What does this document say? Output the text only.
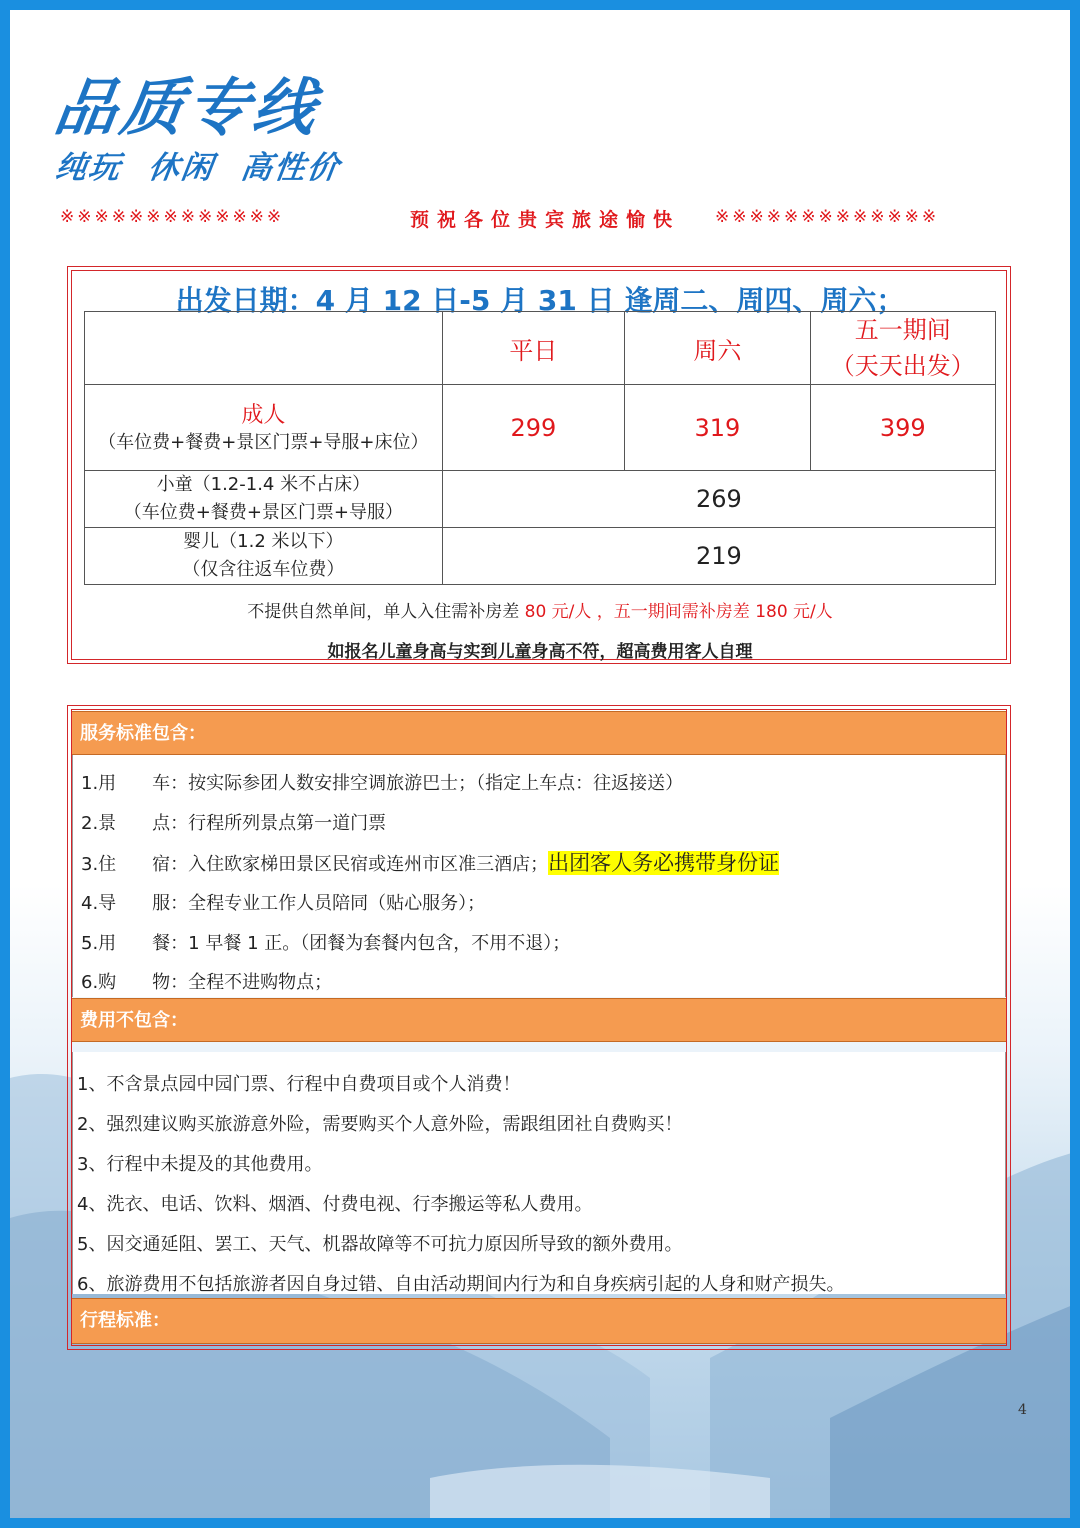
品质专线
纯玩 休闲 高性价
※※※※※※※※※※※※※	预祝各位贵宾旅途愉快 ※※※※※※※※※※※※※
出发日期：4 月 12 日-5 月 31 日 逢周二、周四、周六；
	平日	周六	五一期间
（天天出发）

成人
（车位费+餐费+景区门票+导服+床位）	299	319	399

小童（1.2-1.4 米不占床）
（车位费+餐费+景区门票+导服）	269		

婴儿（1.2 米以下）
（仅含往返车位费）	219		
不提供自然单间，单人入住需补房差 80 元/人 ，五一期间需补房差 180 元/人
如报名儿童身高与实到儿童身高不符，超高费用客人自理
服务标准包含：
1.用　　车：按实际参团人数安排空调旅游巴士；（指定上车点：往返接送）
2.景　　点：行程所列景点第一道门票
3.住　　宿：入住欧家梯田景区民宿或连州市区准三酒店；出团客人务必携带身份证
4.导　　服：全程专业工作人员陪同（贴心服务）；
5.用　　餐：1 早餐 1 正。（团餐为套餐内包含，不用不退）；
6.购　　物：全程不进购物点；
费用不包含：
1、不含景点园中园门票、行程中自费项目或个人消费！
2、强烈建议购买旅游意外险，需要购买个人意外险，需跟组团社自费购买！
3、行程中未提及的其他费用。
4、洗衣、电话、饮料、烟酒、付费电视、行李搬运等私人费用。
5、因交通延阻、罢工、天气、机器故障等不可抗力原因所导致的额外费用。
6、旅游费用不包括旅游者因自身过错、自由活动期间内行为和自身疾病引起的人身和财产损失。
行程标准：
4
